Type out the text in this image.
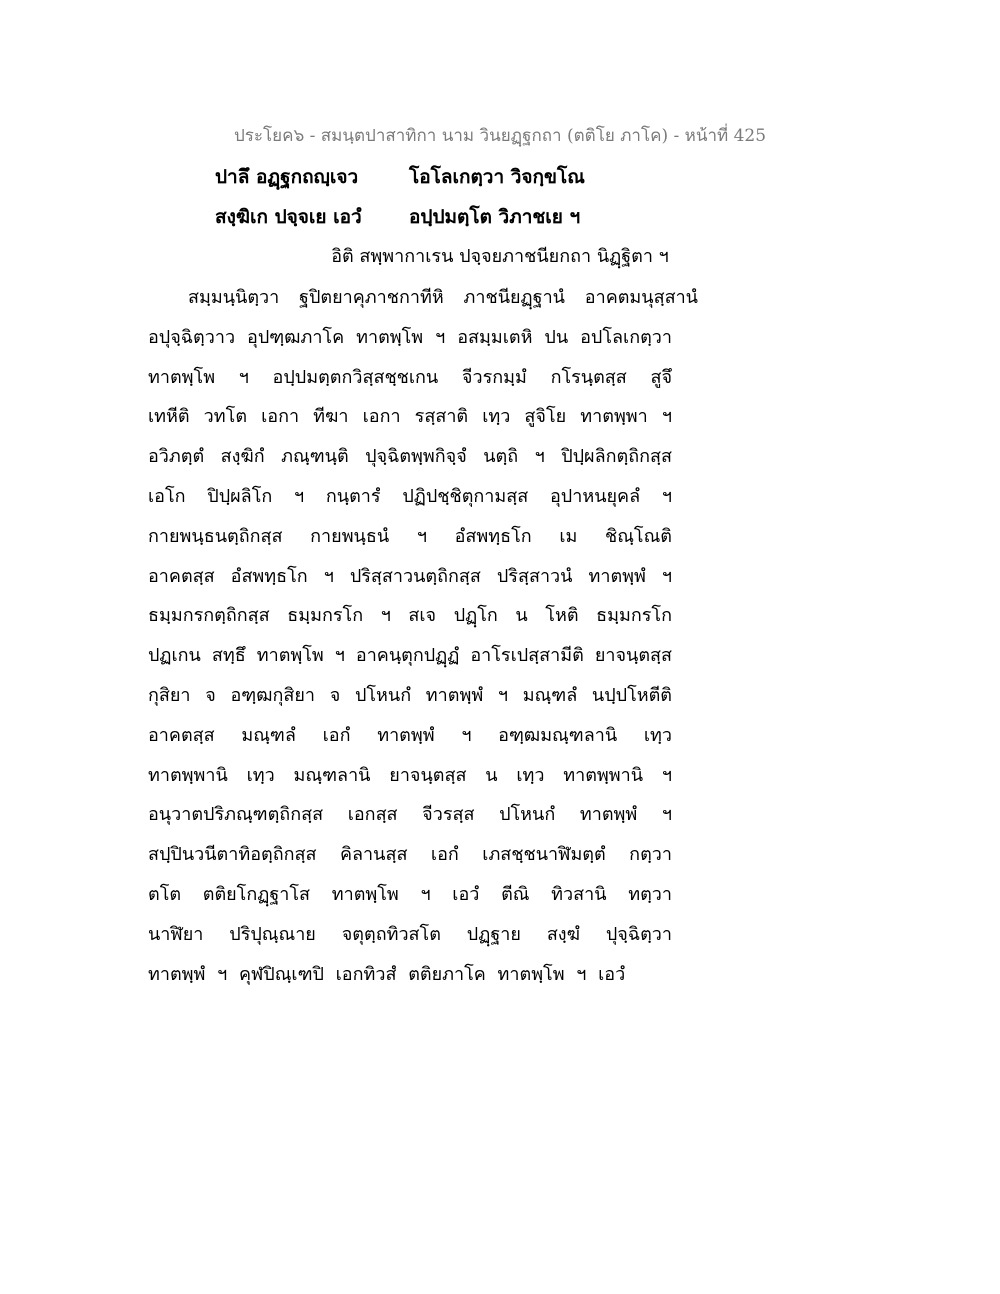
ประโยค๖ - สมนฺตปาสาทิกา นาม วินยฏฺฐกถา (ตติโย ภาโค) - หน้าที่ 425
ปาลึ อฏฺฐกถญฺเจว	โอโลเกตฺวา วิจกฺขโณ
สงฺฆิเก ปจฺจเย เอวํ อปฺปมตฺโต วิภาชเย ฯ
อิติ สพฺพากาเรน ปจฺจยภาชนียกถา นิฏฺฐิตา ฯ
สมฺมนฺนิตฺวา ฐปิตยาคุภาชกาทีหิ ภาชนียฏฺฐานํ อาคตมนุสฺสานํ
อปุจฺฉิตฺวาว อุปฑฺฒภาโค ทาตพฺโพ ฯ อสมฺมเตหิ ปน อปโลเกตฺวา
ทาตพฺโพ ฯ อปฺปมตฺตกวิสฺสชฺชเกน จีวรกมฺมํ กโรนฺตสฺส สูจึ
เทหีติ วทโต เอกา ทีฆา เอกา รสฺสาติ เทฺว สูจิโย ทาตพฺพา ฯ
อวิภตฺตํ สงฺฆิกํ ภณฺฑนฺติ ปุจฺฉิตพฺพกิจฺจํ นตฺถิ ฯ ปิปฺผลิกตฺถิกสฺส
เอโก ปิปฺผลิโก ฯ กนฺตารํ ปฏิปชฺชิตุกามสฺส อุปาหนยุคลํ ฯ
กายพนฺธนตฺถิกสฺส กายพนฺธนํ ฯ อํสพทฺธโก เม ชิณฺโณติ
อาคตสฺส อํสพทฺธโก ฯ ปริสฺสาวนตฺถิกสฺส ปริสฺสาวนํ ทาตพฺพํ ฯ
ธมฺมกรกตฺถิกสฺส ธมฺมกรโก ฯ สเจ ปฏฺโก น โหติ ธมฺมกรโก
ปฏเกน สทฺธึ ทาตพฺโพ ฯ อาคนฺตุกปฏฺฏํ อาโรเปสฺสามีติ ยาจนฺตสฺส
กุสิยา จ อฑฺฒกุสิยา จ ปโหนกํ ทาตพฺพํ ฯ มณฺฑลํ นปฺปโหตีติ
อาคตสฺส มณฺฑลํ เอกํ ทาตพฺพํ ฯ อฑฺฒมณฺฑลานิ เทฺว
ทาตพฺพานิ เทฺว มณฺฑลานิ ยาจนฺตสฺส น เทฺว ทาตพฺพานิ ฯ
อนุวาตปริภณฺฑตฺถิกสฺส เอกสฺส จีวรสฺส ปโหนกํ ทาตพฺพํ ฯ
สปฺปินวนีตาทิอตฺถิกสฺส คิลานสฺส เอกํ เภสชฺชนาฬิมตฺตํ กตฺวา
ตโต ตติยโกฏฺฐาโส ทาตพฺโพ ฯ เอวํ ตีณิ ทิวสานิ ทตฺวา
นาฬิยา ปริปุณฺณาย จตุตฺถทิวสโต ปฏฺฐาย สงฺฆํ ปุจฺฉิตฺวา
ทาตพฺพํ ฯ คุฬปิณฺเฑปิ เอกทิวสํ ตติยภาโค ทาตพฺโพ ฯ เอวํ
